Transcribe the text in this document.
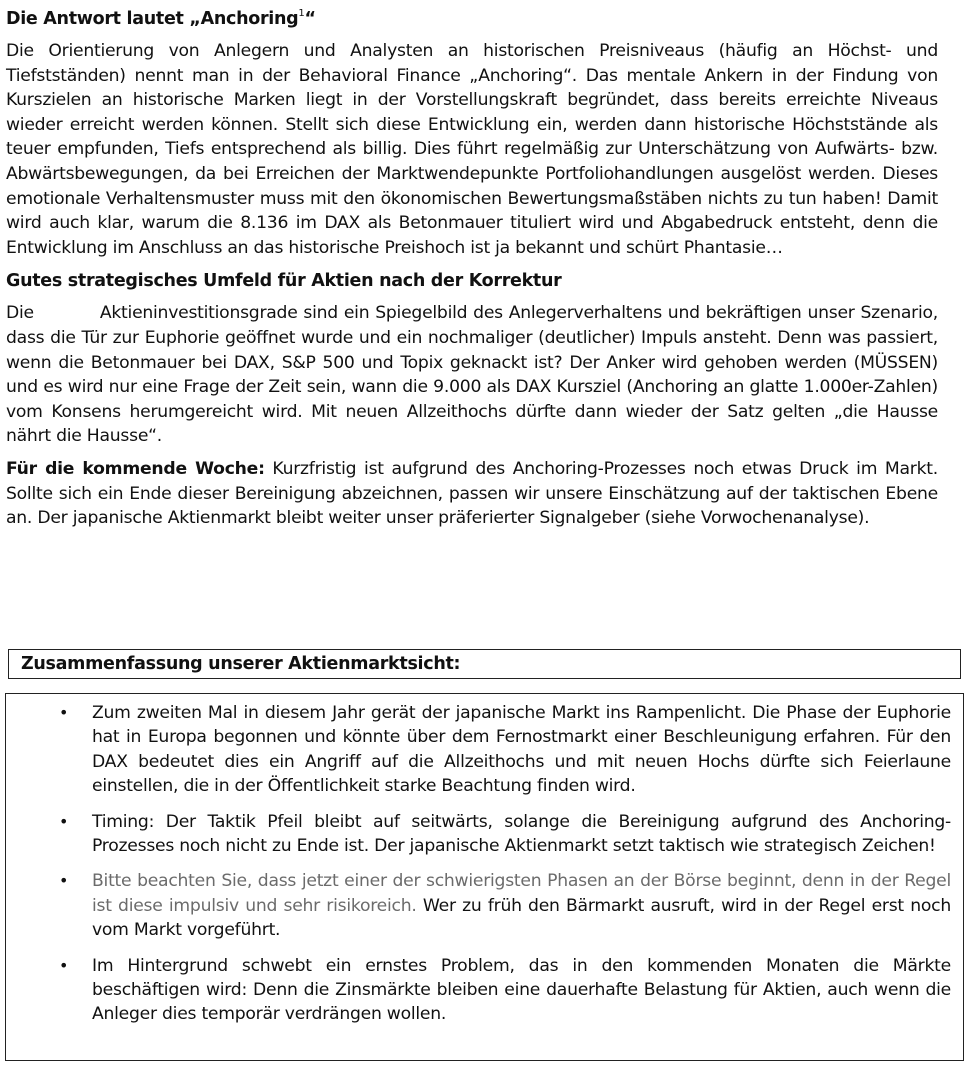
Die Antwort lautet „Anchoring$^1$“

Die Orientierung von Anlegern und Analysten an historischen Preisniveaus (häufig an Höchst- und Tiefstständen) nennt man in der Behavioral Finance „Anchoring“. Das mentale Ankern in der Findung von Kurszielen an historische Marken liegt in der Vorstellungskraft begründet, dass bereits erreichte Niveaus wieder erreicht werden können. Stellt sich diese Entwicklung ein, werden dann historische Höchststände als teuer empfunden, Tiefs entsprechend als billig. Dies führt regelmäßig zur Unterschätzung von Aufwärts- bzw. Abwärtsbewegungen, da bei Erreichen der Marktwendepunkte Portfoliohandlungen ausgelöst werden. Dieses emotionale Verhaltensmuster muss mit den ökonomischen Bewertungsmaßstäben nichts zu tun haben! Damit wird auch klar, warum die 8.136 im DAX als Betonmauer tituliert wird und Abgabedruck entsteht, denn die Entwicklung im Anschluss an das historische Preishoch ist ja bekannt und schürt Phantasie…

Gutes strategisches Umfeld für Aktien nach der Korrektur

Die	Aktieninvestitionsgrade sind ein Spiegelbild des Anlegerverhaltens und bekräftigen unser Szenario, dass die Tür zur Euphorie geöffnet wurde und ein nochmaliger (deutlicher) Impuls ansteht. Denn was passiert, wenn die Betonmauer bei DAX, S&P 500 und Topix geknackt ist? Der Anker wird gehoben werden (MÜSSEN) und es wird nur eine Frage der Zeit sein, wann die 9.000 als DAX Kursziel (Anchoring an glatte 1.000er-Zahlen) vom Konsens herumgereicht wird. Mit neuen Allzeithochs dürfte dann wieder der Satz gelten „die Hausse nährt die Hausse“.

Für die kommende Woche: Kurzfristig ist aufgrund des Anchoring-Prozesses noch etwas Druck im Markt. Sollte sich ein Ende dieser Bereinigung abzeichnen, passen wir unsere Einschätzung auf der taktischen Ebene an. Der japanische Aktienmarkt bleibt weiter unser präferierter Signalgeber (siehe Vorwochenanalyse).

Zusammenfassung unserer Aktienmarktsicht:
• Zum zweiten Mal in diesem Jahr gerät der japanische Markt ins Rampenlicht. Die Phase der Euphorie hat in Europa begonnen und könnte über dem Fernostmarkt einer Beschleunigung erfahren. Für den DAX bedeutet dies ein Angriff auf die Allzeithochs und mit neuen Hochs dürfte sich Feierlaune einstellen, die in der Öffentlichkeit starke Beachtung finden wird.

• Timing: Der Taktik Pfeil bleibt auf seitwärts, solange die Bereinigung aufgrund des Anchoring-Prozesses noch nicht zu Ende ist. Der japanische Aktienmarkt setzt taktisch wie strategisch Zeichen!

• Bitte beachten Sie, dass jetzt einer der schwierigsten Phasen an der Börse beginnt, denn in der Regel ist diese impulsiv und sehr risikoreich. Wer zu früh den Bärmarkt ausruft, wird in der Regel erst noch vom Markt vorgeführt.

• Im Hintergrund schwebt ein ernstes Problem, das in den kommenden Monaten die Märkte beschäftigen wird: Denn die Zinsmärkte bleiben eine dauerhafte Belastung für Aktien, auch wenn die Anleger dies temporär verdrängen wollen.
